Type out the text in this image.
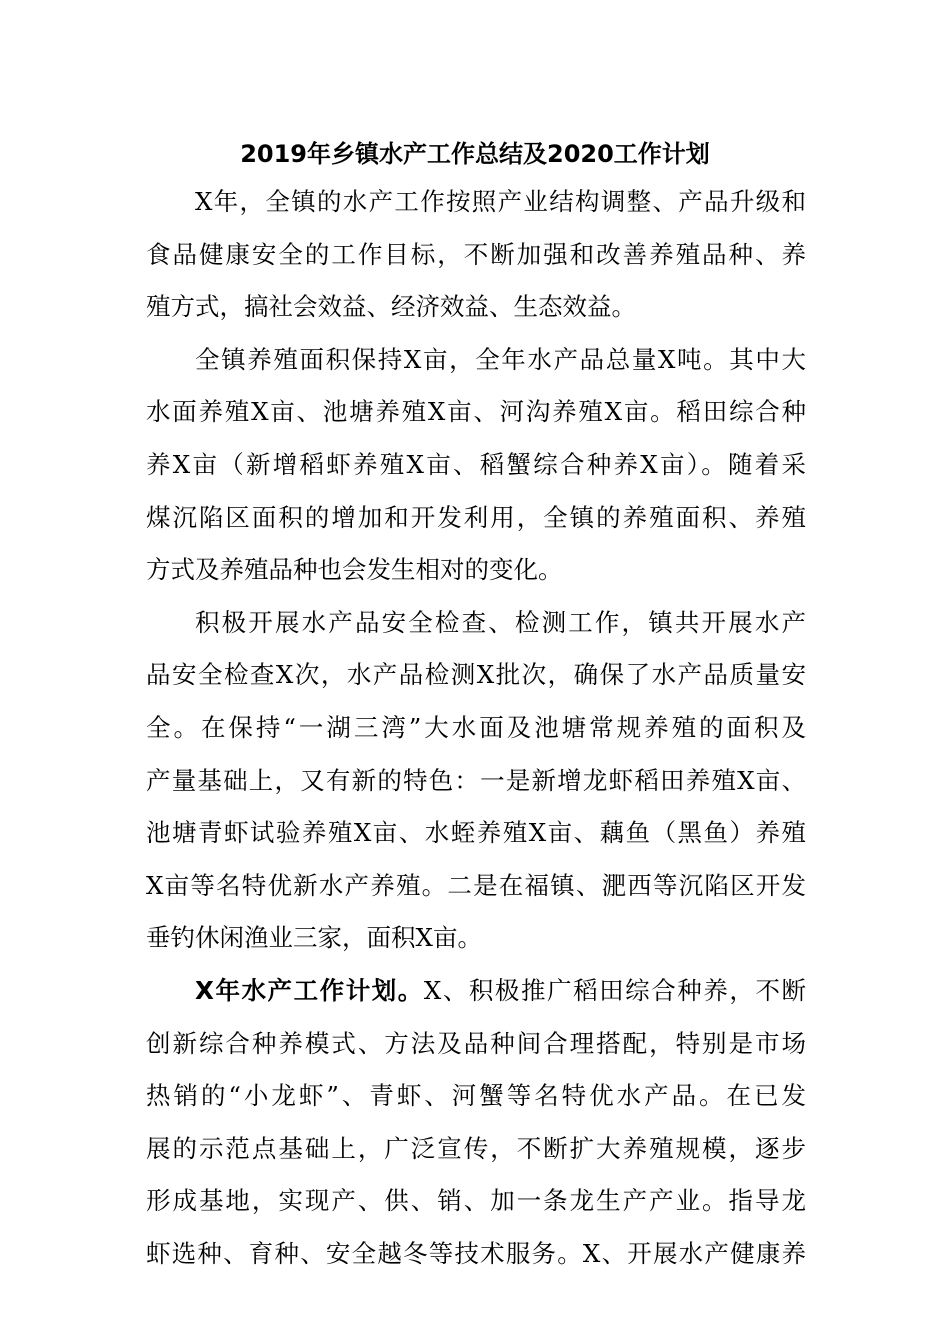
2019年乡镇水产工作总结及2020工作计划
X年，全镇的水产工作按照产业结构调整、产品升级和
食品健康安全的工作目标，不断加强和改善养殖品种、养
殖方式，搞社会效益、经济效益、生态效益。
全镇养殖面积保持X亩，全年水产品总量X吨。其中大
水面养殖X亩、池塘养殖X亩、河沟养殖X亩。稻田综合种
养X亩（新增稻虾养殖X亩、稻蟹综合种养X亩）。随着采
煤沉陷区面积的增加和开发利用，全镇的养殖面积、养殖
方式及养殖品种也会发生相对的变化。
积极开展水产品安全检查、检测工作，镇共开展水产
品安全检查X次，水产品检测X批次，确保了水产品质量安
全。在保持“一湖三湾”大水面及池塘常规养殖的面积及
产量基础上，又有新的特色：一是新增龙虾稻田养殖X亩、
池塘青虾试验养殖X亩、水蛭养殖X亩、藕鱼（黑鱼）养殖
X亩等名特优新水产养殖。二是在福镇、淝西等沉陷区开发
垂钓休闲渔业三家，面积X亩。
X年水产工作计划。X、积极推广稻田综合种养，不断
创新综合种养模式、方法及品种间合理搭配，特别是市场
热销的“小龙虾”、青虾、河蟹等名特优水产品。在已发
展的示范点基础上，广泛宣传，不断扩大养殖规模，逐步
形成基地，实现产、供、销、加一条龙生产产业。指导龙
虾选种、育种、安全越冬等技术服务。X、开展水产健康养
